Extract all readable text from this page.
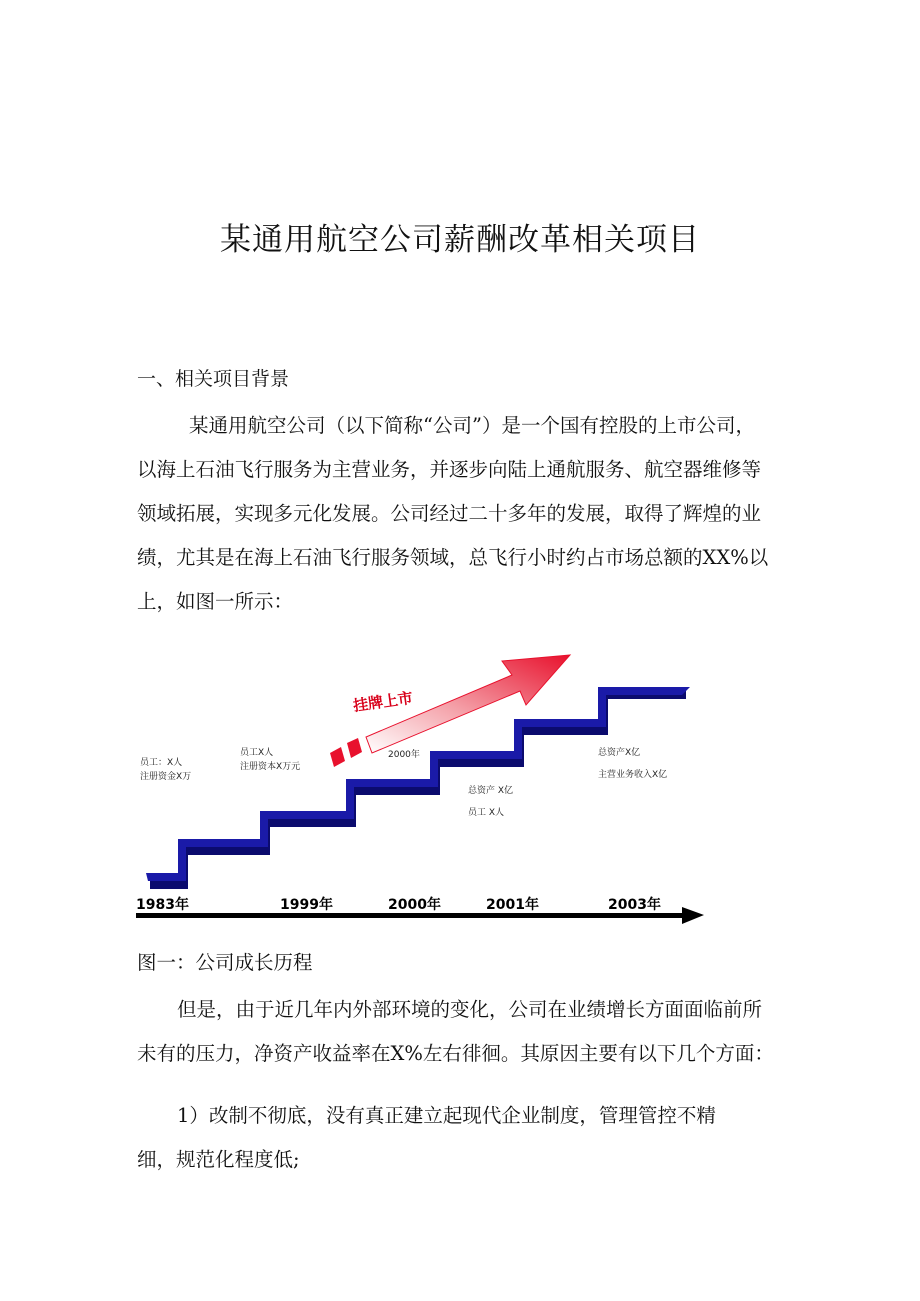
某通用航空公司薪酬改革相关项目
一、相关项目背景
某通用航空公司（以下简称“公司”）是一个国有控股的上市公司，
以海上石油飞行服务为主营业务，并逐步向陆上通航服务、航空器维修等
领域拓展，实现多元化发展。公司经过二十多年的发展，取得了辉煌的业
绩，尤其是在海上石油飞行服务领域，总飞行小时约占市场总额的XX%以
上，如图一所示：
挂牌上市
2000年
员工：X人
注册资金X万
员工X人
注册资本X万元
总资产 X亿
员工 X人
总资产X亿
主营业务收入X亿
1983年	1999年	2000年	2001年	2003年
图一：公司成长历程
但是，由于近几年内外部环境的变化，公司在业绩增长方面面临前所
未有的压力，净资产收益率在X%左右徘徊。其原因主要有以下几个方面：
1）改制不彻底，没有真正建立起现代企业制度，管理管控不精
细，规范化程度低;
